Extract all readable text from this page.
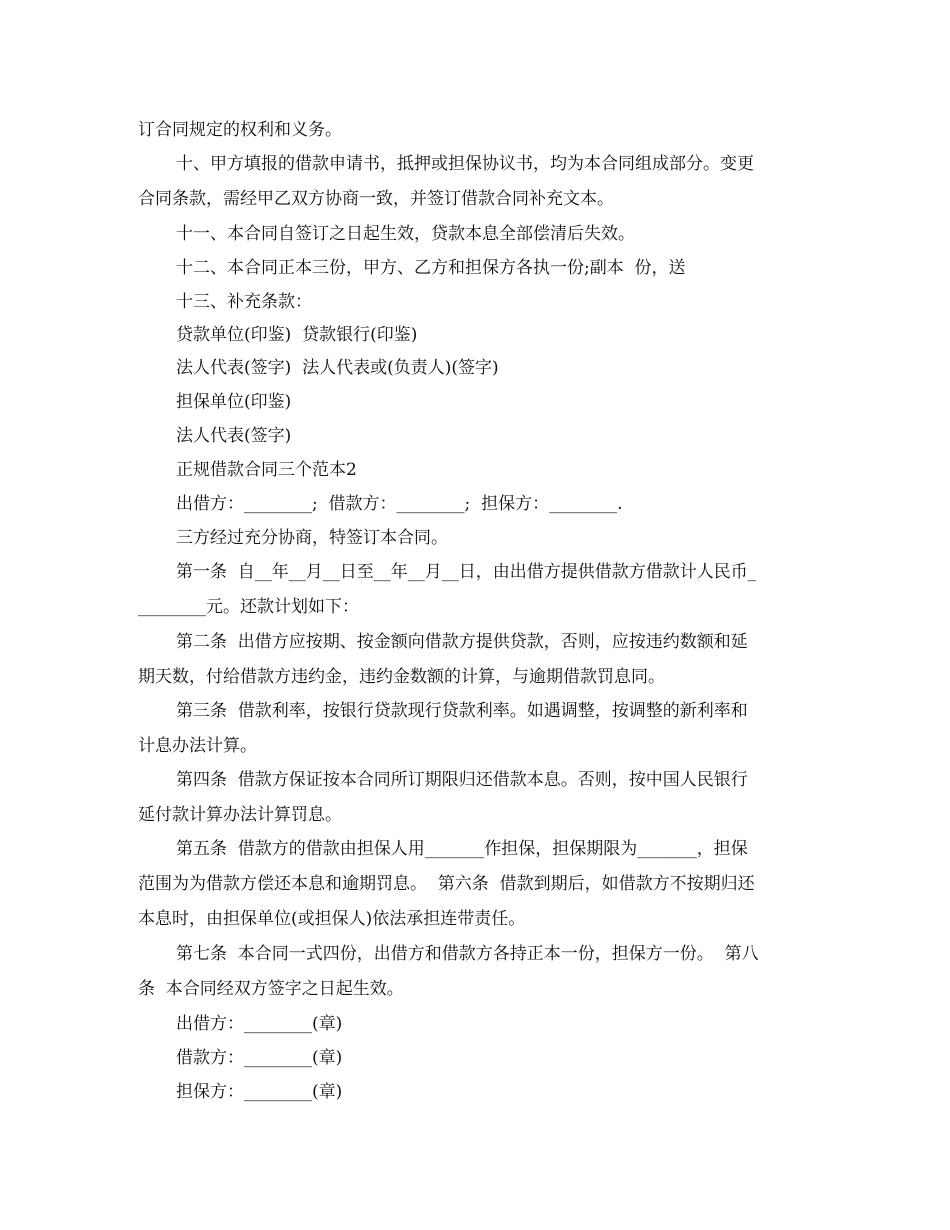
订合同规定的权利和义务。
十、甲方填报的借款申请书，抵押或担保协议书，均为本合同组成部分。变更
合同条款，需经甲乙双方协商一致，并签订借款合同补充文本。
十一、本合同自签订之日起生效，贷款本息全部偿清后失效。
十二、本合同正本三份，甲方、乙方和担保方各执一份;副本  份，送
十三、补充条款：
贷款单位(印鉴)  贷款银行(印鉴)
法人代表(签字)  法人代表或(负责人)(签字)
担保单位(印鉴)
法人代表(签字)
正规借款合同三个范本2
出借方：________;  借款方：________;  担保方：________.
三方经过充分协商，特签订本合同。
第一条  自__年__月__日至__年__月__日，由出借方提供借款方借款计人民币_
________元。还款计划如下：
第二条  出借方应按期、按金额向借款方提供贷款，否则，应按违约数额和延
期天数，付给借款方违约金，违约金数额的计算，与逾期借款罚息同。
第三条  借款利率，按银行贷款现行贷款利率。如遇调整，按调整的新利率和
计息办法计算。
第四条  借款方保证按本合同所订期限归还借款本息。否则，按中国人民银行
延付款计算办法计算罚息。
第五条  借款方的借款由担保人用_______作担保，担保期限为_______，担保
范围为为借款方偿还本息和逾期罚息。  第六条  借款到期后，如借款方不按期归还
本息时，由担保单位(或担保人)依法承担连带责任。
第七条  本合同一式四份，出借方和借款方各持正本一份，担保方一份。  第八
条  本合同经双方签字之日起生效。
出借方：________(章)
借款方：________(章)
担保方：________(章)
